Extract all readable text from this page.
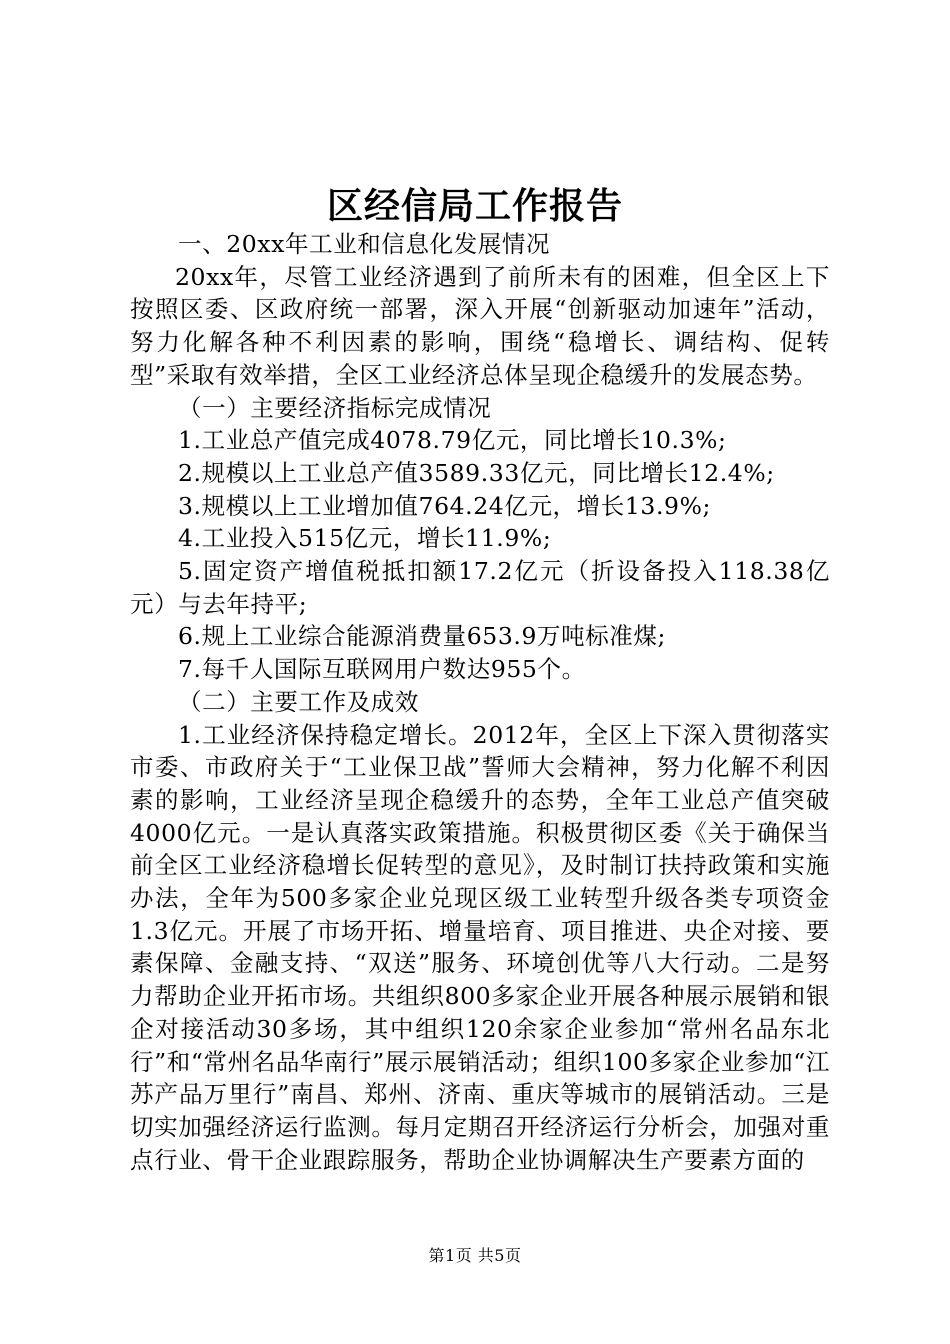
区经信局工作报告

一、20xx年工业和信息化发展情况

20xx年，尽管工业经济遇到了前所未有的困难，但全区上下按照区委、区政府统一部署，深入开展“创新驱动加速年”活动，努力化解各种不利因素的影响，围绕“稳增长、调结构、促转型”采取有效举措，全区工业经济总体呈现企稳缓升的发展态势。

（一）主要经济指标完成情况

1.工业总产值完成4078.79亿元，同比增长10.3%;

2.规模以上工业总产值3589.33亿元，同比增长12.4%;

3.规模以上工业增加值764.24亿元，增长13.9%;

4.工业投入515亿元，增长11.9%;

5.固定资产增值税抵扣额17.2亿元（折设备投入118.38亿元）与去年持平;

6.规上工业综合能源消费量653.9万吨标准煤;

7.每千人国际互联网用户数达955个。

（二）主要工作及成效

1.工业经济保持稳定增长。2012年，全区上下深入贯彻落实市委、市政府关于“工业保卫战”誓师大会精神，努力化解不利因素的影响，工业经济呈现企稳缓升的态势，全年工业总产值突破4000亿元。一是认真落实政策措施。积极贯彻区委《关于确保当前全区工业经济稳增长促转型的意见》，及时制订扶持政策和实施办法，全年为500多家企业兑现区级工业转型升级各类专项资金1.3亿元。开展了市场开拓、增量培育、项目推进、央企对接、要素保障、金融支持、“双送”服务、环境创优等八大行动。二是努力帮助企业开拓市场。共组织800多家企业开展各种展示展销和银企对接活动30多场，其中组织120余家企业参加“常州名品东北行”和“常州名品华南行”展示展销活动；组织100多家企业参加“江苏产品万里行”南昌、郑州、济南、重庆等城市的展销活动。三是切实加强经济运行监测。每月定期召开经济运行分析会，加强对重点行业、骨干企业跟踪服务，帮助企业协调解决生产要素方面的

第1页 共5页
